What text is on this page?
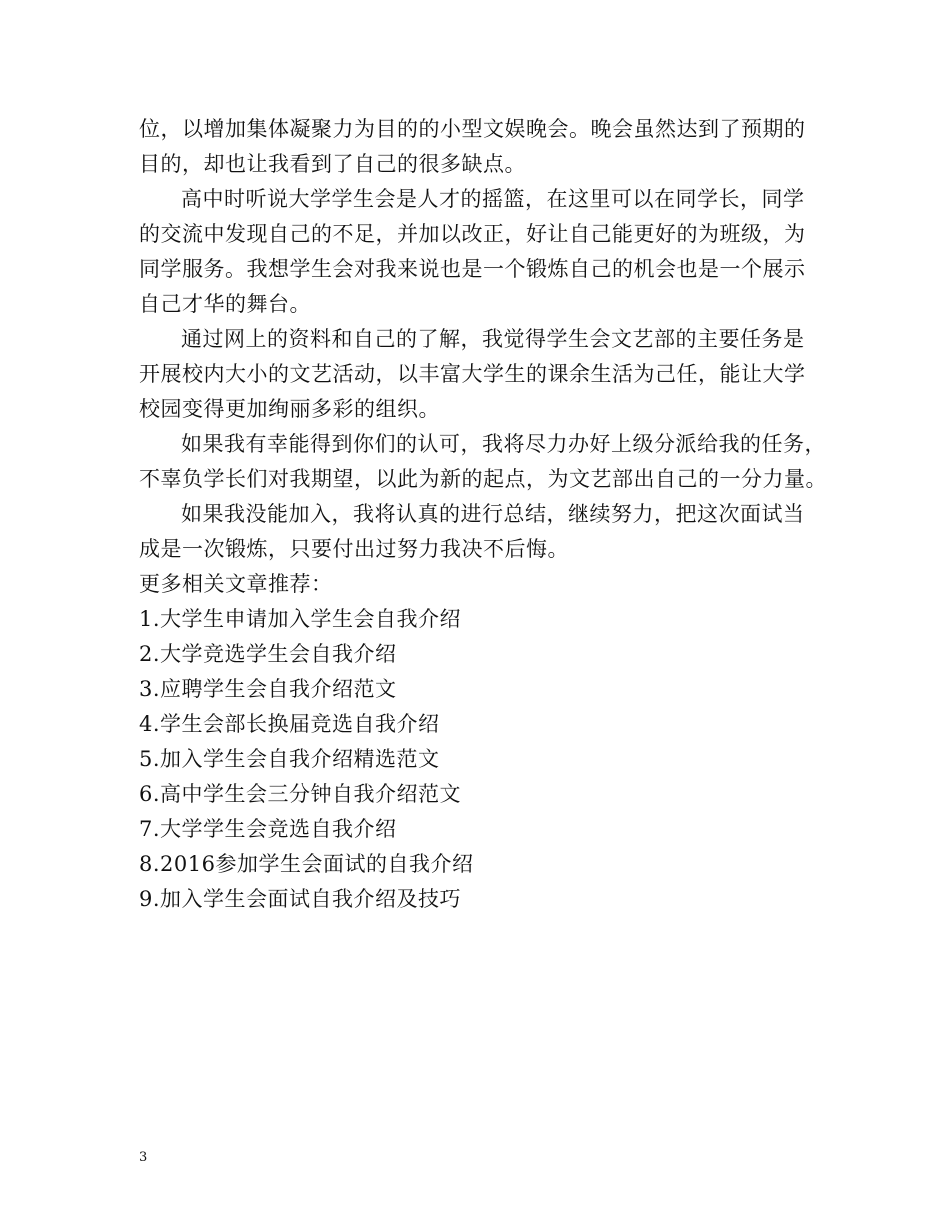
位，以增加集体凝聚力为目的的小型文娱晚会。晚会虽然达到了预期的
目的，却也让我看到了自己的很多缺点。
高中时听说大学学生会是人才的摇篮，在这里可以在同学长，同学
的交流中发现自己的不足，并加以改正，好让自己能更好的为班级，为
同学服务。我想学生会对我来说也是一个锻炼自己的机会也是一个展示
自己才华的舞台。
通过网上的资料和自己的了解，我觉得学生会文艺部的主要任务是
开展校内大小的文艺活动，以丰富大学生的课余生活为己任，能让大学
校园变得更加绚丽多彩的组织。
如果我有幸能得到你们的认可，我将尽力办好上级分派给我的任务，
不辜负学长们对我期望，以此为新的起点，为文艺部出自己的一分力量。
如果我没能加入，我将认真的进行总结，继续努力，把这次面试当
成是一次锻炼，只要付出过努力我决不后悔。
更多相关文章推荐：
1.大学生申请加入学生会自我介绍
2.大学竞选学生会自我介绍
3.应聘学生会自我介绍范文
4.学生会部长换届竞选自我介绍
5.加入学生会自我介绍精选范文
6.高中学生会三分钟自我介绍范文
7.大学学生会竞选自我介绍
8.2016参加学生会面试的自我介绍
9.加入学生会面试自我介绍及技巧
3
